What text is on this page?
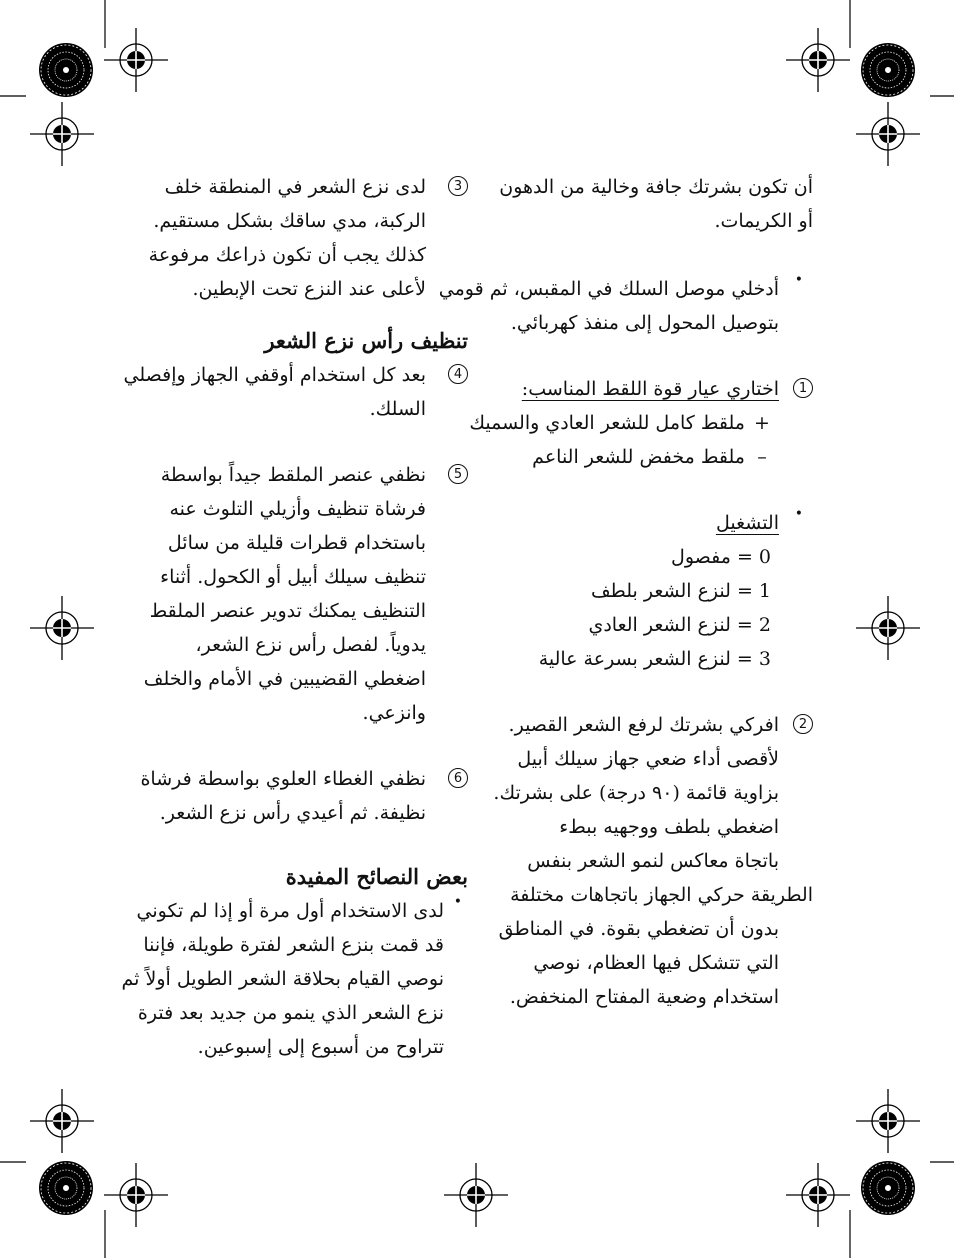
أن تكون بشرتك جافة وخالية من الدهون
أو الكريمات.
•
أدخلي موصل السلك في المقبس، ثم قومي
بتوصيل المحول إلى منفذ كهربائي.
1
اختاري عيار قوة اللقط المناسب:
+ملقط كامل للشعر العادي والسميك
–ملقط مخفض للشعر الناعم
•
التشغيل
0 = مفصول
1 = لنزع الشعر بلطف
2 = لنزع الشعر العادي
3 = لنزع الشعر بسرعة عالية
2
افركي بشرتك لرفع الشعر القصير.
لأقصى أداء ضعي جهاز سيلك أبيل
بزاوية قائمة (٩٠ درجة) على بشرتك.
اضغطي بلطف ووجهيه ببطء
باتجاة معاكس لنمو الشعر بنفس
الطريقة حركي الجهاز باتجاهات مختلفة
بدون أن تضغطي بقوة. في المناطق
التي تتشكل فيها العظام، نوصي
استخدام وضعية المفتاح المنخفض.
3
لدى نزع الشعر في المنطقة خلف
الركبة، مدي ساقك بشكل مستقيم.
كذلك يجب أن تكون ذراعك مرفوعة
لأعلى عند النزع تحت الإبطين.
تنظيف رأس نزع الشعر
4
بعد كل استخدام أوقفي الجهاز وإفصلي
السلك.
5
نظفي عنصر الملقط جيداً بواسطة
فرشاة تنظيف وأزيلي التلوث عنه
باستخدام قطرات قليلة من سائل
تنظيف سيلك أبيل أو الكحول. أثناء
التنظيف يمكنك تدوير عنصر الملقط
يدوياً. لفصل رأس نزع الشعر،
اضغطي القضيبين في الأمام والخلف
وانزعي.
6
نظفي الغطاء العلوي بواسطة فرشاة
نظيفة. ثم أعيدي رأس نزع الشعر.
بعض النصائح المفيدة
•
لدى الاستخدام أول مرة أو إذا لم تكوني
قد قمت بنزع الشعر لفترة طويلة، فإننا
نوصي القيام بحلاقة الشعر الطويل أولاً ثم
نزع الشعر الذي ينمو من جديد بعد فترة
تتراوح من أسبوع إلى إسبوعين.
